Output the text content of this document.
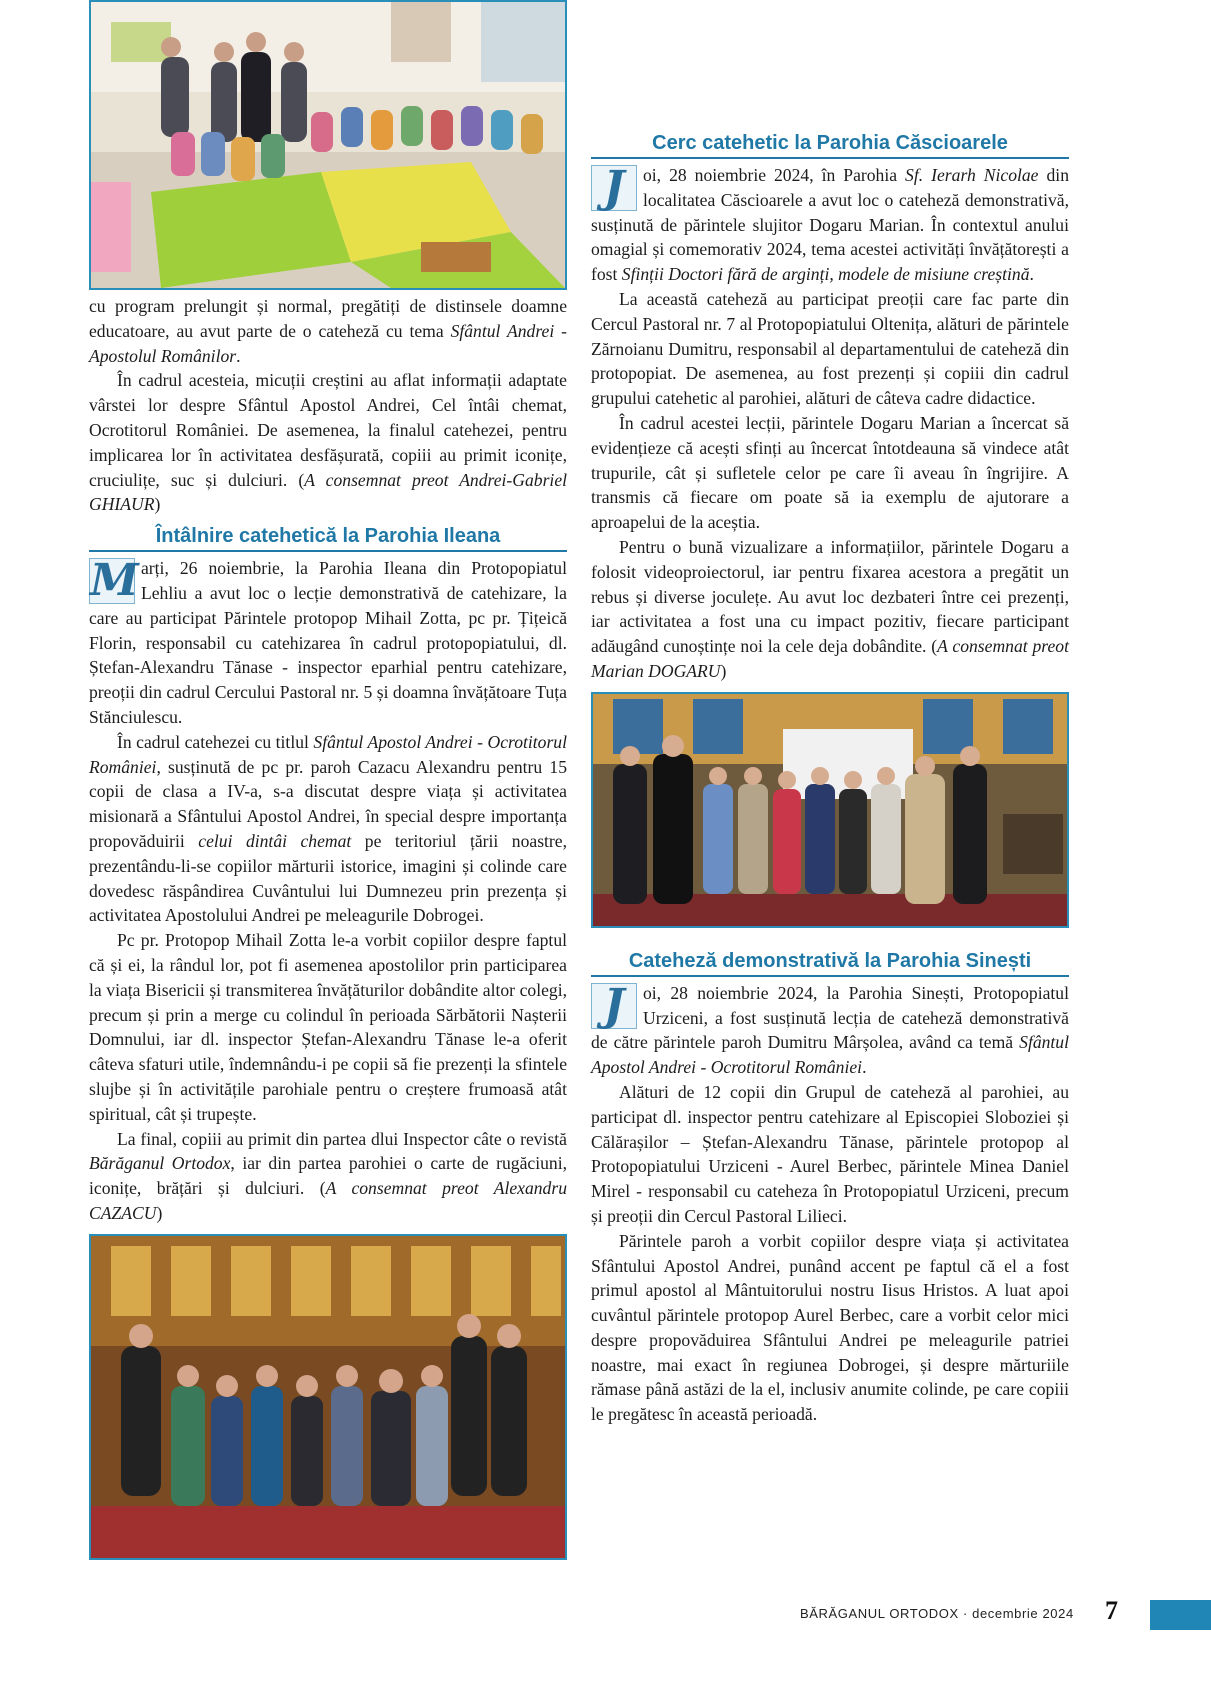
cu program prelungit și normal, pregătiți de distinsele doamne educatoare, au avut parte de o cateheză cu tema Sfântul Andrei - Apostolul Românilor.

În cadrul acesteia, micuții creștini au aflat informații adaptate vârstei lor despre Sfântul Apostol Andrei, Cel întâi chemat, Ocrotitorul României. De asemenea, la finalul catehezei, pentru implicarea lor în activitatea desfășurată, copiii au primit iconițe, cruciulițe, suc și dulciuri. (A consemnat preot Andrei-Gabriel GHIAUR)

Întâlnire catehetică la Parohia Ileana

M arți, 26 noiembrie, la Parohia Ileana din Protopopiatul Lehliu a avut loc o lecție demonstrativă de catehizare, la care au participat Părintele protopop Mihail Zotta, pc pr. Țițeică Florin, responsabil cu catehizarea în cadrul protopopiatului, dl. Ștefan-Alexandru Tănase - inspector eparhial pentru catehizare, preoții din cadrul Cercului Pastoral nr. 5 și doamna învățătoare Tuța Stănciulescu.

În cadrul catehezei cu titlul Sfântul Apostol Andrei - Ocrotitorul României, susținută de pc pr. paroh Cazacu Alexandru pentru 15 copii de clasa a IV-a, s-a discutat despre viața și activitatea misionară a Sfântului Apostol Andrei, în special despre importanța propovăduirii celui dintâi chemat pe teritoriul țării noastre, prezentându-li-se copiilor mărturii istorice, imagini și colinde care dovedesc răspândirea Cuvântului lui Dumnezeu prin prezența și activitatea Apostolului Andrei pe meleagurile Dobrogei.

Pc pr. Protopop Mihail Zotta le-a vorbit copiilor despre faptul că și ei, la rândul lor, pot fi asemenea apostolilor prin participarea la viața Bisericii și transmiterea învățăturilor dobândite altor colegi, precum și prin a merge cu colindul în perioada Sărbătorii Nașterii Domnului, iar dl. inspector Ștefan-Alexandru Tănase le-a oferit câteva sfaturi utile, îndemnându-i pe copii să fie prezenți la sfintele slujbe și în activitățile parohiale pentru o creștere frumoasă atât spiritual, cât și trupește.

La final, copiii au primit din partea dlui Inspector câte o revistă Bărăganul Ortodox, iar din partea parohiei o carte de rugăciuni, iconițe, brățări și dulciuri. (A consemnat preot Alexandru CAZACU)

Cerc catehetic la Parohia Căscioarele

J	oi, 28 noiembrie 2024, în Parohia Sf. Ierarh Nicolae din localitatea Căscioarele a avut loc o cateheză demonstrativă, susținută de părintele slujitor Dogaru Marian. În contextul anului omagial și comemorativ 2024, tema acestei activități învățătorești a fost Sfinții Doctori fără de arginți, modele de misiune creștină.

La această cateheză au participat preoții care fac parte din Cercul Pastoral nr. 7 al Protopopiatului Oltenița, alături de părintele Zărnoianu Dumitru, responsabil al departamentului de cateheză din protopopiat. De asemenea, au fost prezenți și copiii din cadrul grupului catehetic al parohiei, alături de câteva cadre didactice.

În cadrul acestei lecții, părintele Dogaru Marian a încercat să evidențieze că acești sfinți au încercat întotdeauna să vindece atât trupurile, cât și sufletele celor pe care îi aveau în îngrijire. A transmis că fiecare om poate să ia exemplu de ajutorare a aproapelui de la aceștia.

Pentru o bună vizualizare a informațiilor, părintele Dogaru a folosit videoproiectorul, iar pentru fixarea acestora a pregătit un rebus și diverse joculețe. Au avut loc dezbateri între cei prezenți, iar activitatea a fost una cu impact pozitiv, fiecare participant adăugând cunoștințe noi la cele deja dobândite. (A consemnat preot Marian DOGARU)

Cateheză demonstrativă la Parohia Sinești

J	oi, 28 noiembrie 2024, la Parohia Sinești, Protopopiatul Urziceni, a fost susținută lecția de cateheză demonstrativă de către părintele paroh Dumitru Mârșolea, având ca temă Sfântul Apostol Andrei - Ocrotitorul României.

Alături de 12 copii din Grupul de cateheză al parohiei, au participat dl. inspector pentru catehizare al Episcopiei Sloboziei și Călărașilor – Ștefan-Alexandru Tănase, părintele protopop al Protopopiatului Urziceni - Aurel Berbec, părintele Minea Daniel Mirel - responsabil cu cateheza în Protopopiatul Urziceni, precum și preoții din Cercul Pastoral Lilieci.

Părintele paroh a vorbit copiilor despre viața și activitatea Sfântului Apostol Andrei, punând accent pe faptul că el a fost primul apostol al Mântuitorului nostru Iisus Hristos. A luat apoi cuvântul părintele protopop Aurel Berbec, care a vorbit celor mici despre propovăduirea Sfântului Andrei pe meleagurile patriei noastre, mai exact în regiunea Dobrogei, și despre mărturiile rămase până astăzi de la el, inclusiv anumite colinde, pe care copiii le pregătesc în această perioadă.

BĂRĂGANUL ORTODOX · decembrie 2024 7
